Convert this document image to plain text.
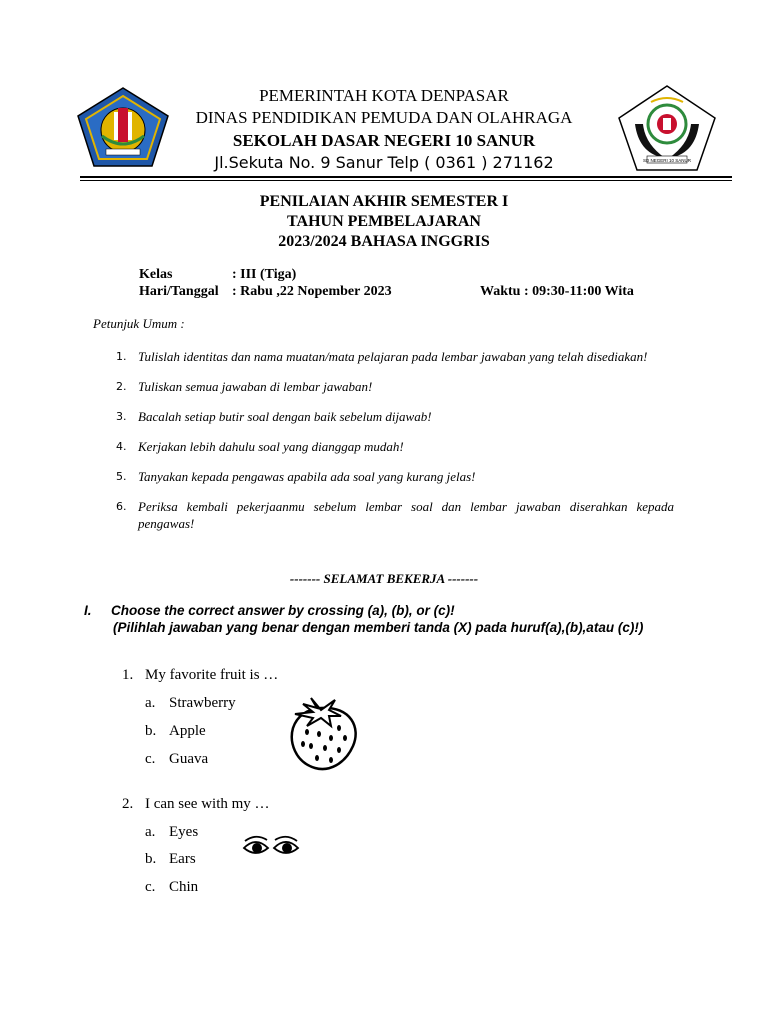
SD NEGERI 10 SANUR
PEMERINTAH KOTA DENPASAR
DINAS PENDIDIKAN PEMUDA DAN OLAHRAGA
SEKOLAH DASAR NEGERI 10 SANUR
Jl.Sekuta No. 9 Sanur Telp ( 0361 ) 271162
PENILAIAN AKHIR SEMESTER I
TAHUN PEMBELAJARAN
2023/2024 BAHASA INGGRIS
Kelas	: III (Tiga)
Hari/Tanggal : Rabu ,22 Nopember 2023	Waktu : 09:30-11:00 Wita
Petunjuk Umum :
1. Tulislah identitas dan nama muatan/mata pelajaran pada lembar jawaban yang telah disediakan!
2. Tuliskan semua jawaban di lembar jawaban!
3. Bacalah setiap butir soal dengan baik sebelum dijawab!
4. Kerjakan lebih dahulu soal yang dianggap mudah!
5. Tanyakan kepada pengawas apabila ada soal yang kurang jelas!
6. Periksa kembali pekerjaanmu sebelum lembar soal dan lembar jawaban diserahkan kepada pengawas!
------- SELAMAT BEKERJA -------
I. Choose the correct answer by crossing (a), (b), or (c)!
(Pilihlah jawaban yang benar dengan memberi tanda (X) pada huruf(a),(b),atau (c)!)
1. My favorite fruit is …
a. Strawberry
b. Apple
c. Guava
2. I can see with my …
a. Eyes
b. Ears
c. Chin
